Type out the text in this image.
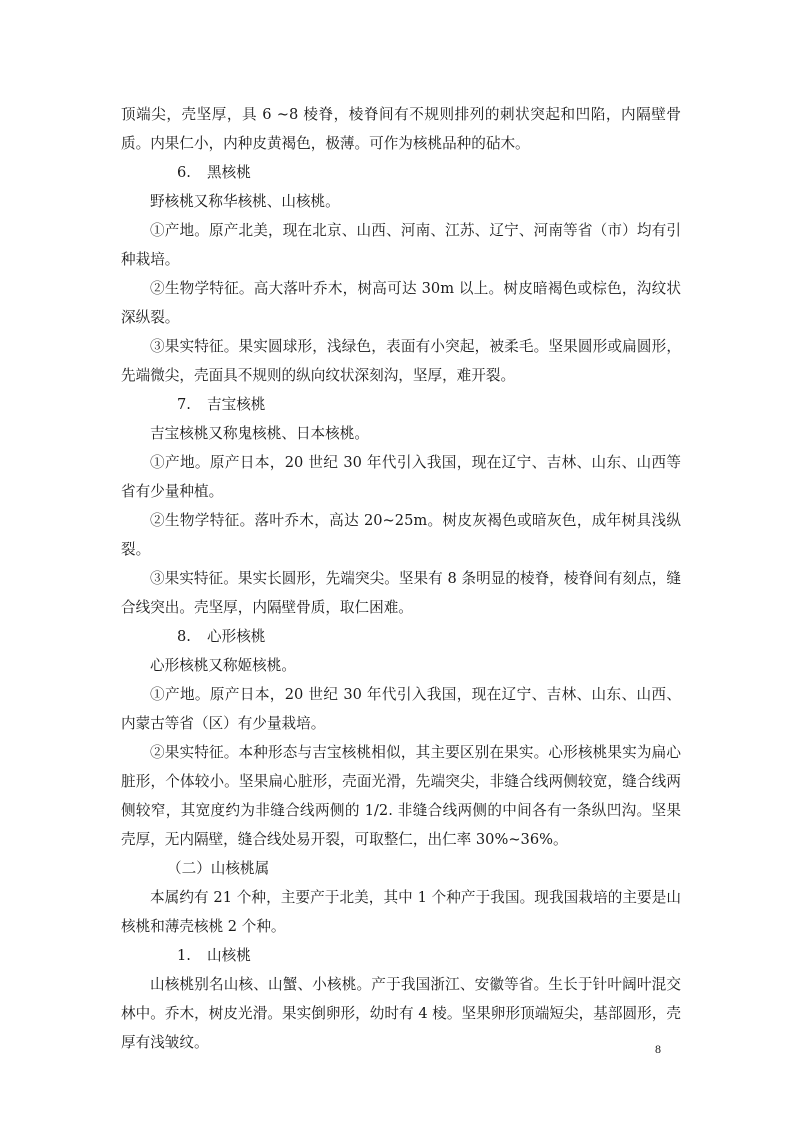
顶端尖，壳坚厚，具 6 ~8 棱脊，棱脊间有不规则排列的刺状突起和凹陷，内隔壁骨质。内果仁小，内种皮黄褐色，极薄。可作为核桃品种的砧木。

6. 黑核桃

野核桃又称华核桃、山核桃。

①产地。原产北美，现在北京、山西、河南、江苏、辽宁、河南等省（市）均有引种栽培。

②生物学特征。高大落叶乔木，树高可达 30m 以上。树皮暗褐色或棕色，沟纹状深纵裂。

③果实特征。果实圆球形，浅绿色，表面有小突起，被柔毛。坚果圆形或扁圆形，先端微尖，壳面具不规则的纵向纹状深刻沟，坚厚，难开裂。

7. 吉宝核桃

吉宝核桃又称鬼核桃、日本核桃。

①产地。原产日本，20 世纪 30 年代引入我国，现在辽宁、吉林、山东、山西等省有少量种植。

②生物学特征。落叶乔木，高达 20~25m。树皮灰褐色或暗灰色，成年树具浅纵裂。

③果实特征。果实长圆形，先端突尖。坚果有 8 条明显的棱脊，棱脊间有刻点，缝合线突出。壳坚厚，内隔壁骨质，取仁困难。

8. 心形核桃

心形核桃又称姬核桃。

①产地。原产日本，20 世纪 30 年代引入我国，现在辽宁、吉林、山东、山西、内蒙古等省（区）有少量栽培。

②果实特征。本种形态与吉宝核桃相似，其主要区别在果实。心形核桃果实为扁心脏形，个体较小。坚果扁心脏形，壳面光滑，先端突尖，非缝合线两侧较宽，缝合线两侧较窄，其宽度约为非缝合线两侧的 1/2. 非缝合线两侧的中间各有一条纵凹沟。坚果壳厚，无内隔壁，缝合线处易开裂，可取整仁，出仁率 30%~36%。

（二）山核桃属

本属约有 21 个种，主要产于北美，其中 1 个种产于我国。现我国栽培的主要是山核桃和薄壳核桃 2 个种。

1. 山核桃

山核桃别名山核、山蟹、小核桃。产于我国浙江、安徽等省。生长于针叶阔叶混交林中。乔木，树皮光滑。果实倒卵形，幼时有 4 棱。坚果卵形顶端短尖，基部圆形，壳厚有浅皱纹。	8
